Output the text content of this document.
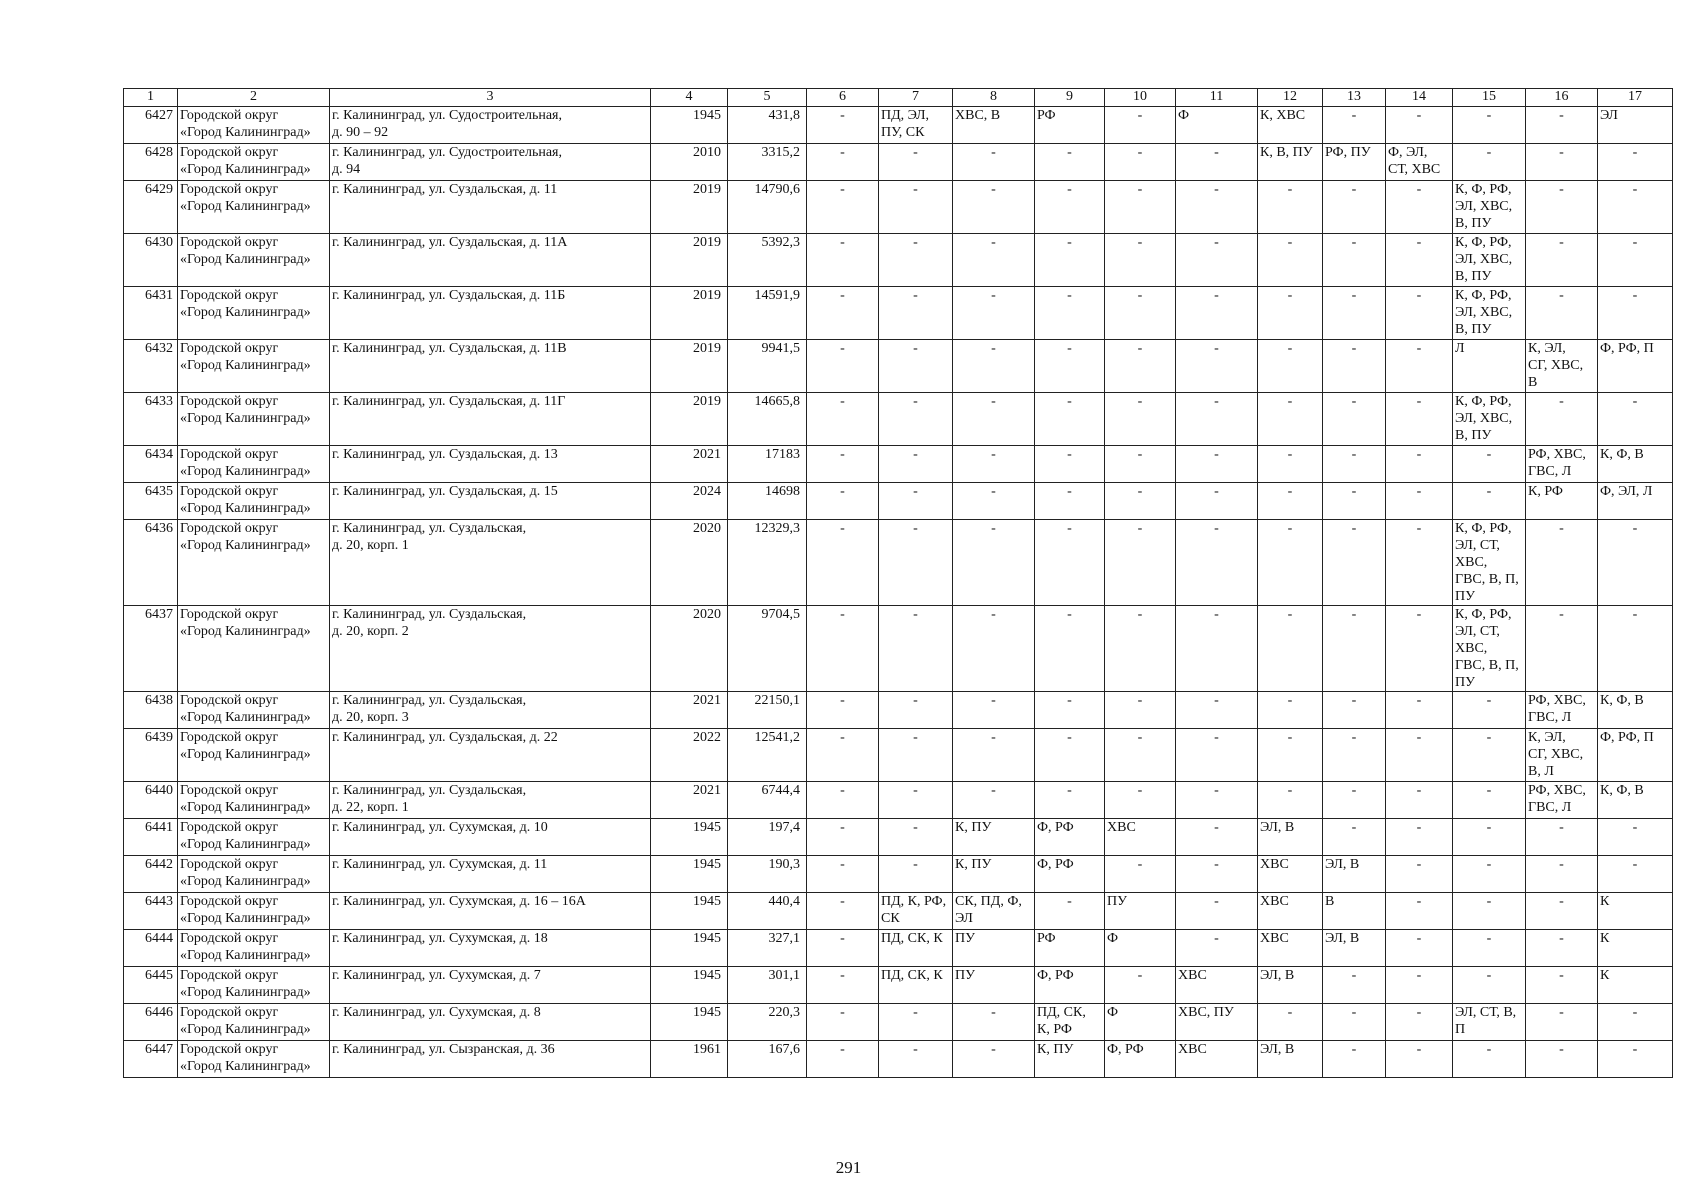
1	2	3	4	5	6	7	8	9	10	11	12	13	14	15	16	17
6427	Городской округ
«Город Калининград»	г. Калининград, ул. Судостроительная,
д. 90 – 92	1945	431,8	-	ПД, ЭЛ,
ПУ, СК	ХВС, В	РФ	-	Ф	К, ХВС	-	-	-	-	ЭЛ
6428	Городской округ
«Город Калининград»	г. Калининград, ул. Судостроительная,
д. 94	2010	3315,2	-	-	-	-	-	-	К, В, ПУ	РФ, ПУ	Ф, ЭЛ,
СТ, ХВС	-	-	-
6429	Городской округ
«Город Калининград»	г. Калининград, ул. Суздальская, д. 11	2019	14790,6	-	-	-	-	-	-	-	-	-	К, Ф, РФ,
ЭЛ, ХВС,
В, ПУ	-	-
6430	Городской округ
«Город Калининград»	г. Калининград, ул. Суздальская, д. 11А	2019	5392,3	-	-	-	-	-	-	-	-	-	К, Ф, РФ,
ЭЛ, ХВС,
В, ПУ	-	-
6431	Городской округ
«Город Калининград»	г. Калининград, ул. Суздальская, д. 11Б	2019	14591,9	-	-	-	-	-	-	-	-	-	К, Ф, РФ,
ЭЛ, ХВС,
В, ПУ	-	-
6432	Городской округ
«Город Калининград»	г. Калининград, ул. Суздальская, д. 11В	2019	9941,5	-	-	-	-	-	-	-	-	-	Л	К, ЭЛ,
СГ, ХВС,
В	Ф, РФ, П
6433	Городской округ
«Город Калининград»	г. Калининград, ул. Суздальская, д. 11Г	2019	14665,8	-	-	-	-	-	-	-	-	-	К, Ф, РФ,
ЭЛ, ХВС,
В, ПУ	-	-
6434	Городской округ
«Город Калининград»	г. Калининград, ул. Суздальская, д. 13	2021	17183	-	-	-	-	-	-	-	-	-	-	РФ, ХВС,
ГВС, Л	К, Ф, В
6435	Городской округ
«Город Калининград»	г. Калининград, ул. Суздальская, д. 15	2024	14698	-	-	-	-	-	-	-	-	-	-	К, РФ	Ф, ЭЛ, Л
6436	Городской округ
«Город Калининград»	г. Калининград, ул. Суздальская,
д. 20, корп. 1	2020	12329,3	-	-	-	-	-	-	-	-	-	К, Ф, РФ,
ЭЛ, СТ,
ХВС,
ГВС, В, П,
ПУ	-	-
6437	Городской округ
«Город Калининград»	г. Калининград, ул. Суздальская,
д. 20, корп. 2	2020	9704,5	-	-	-	-	-	-	-	-	-	К, Ф, РФ,
ЭЛ, СТ,
ХВС,
ГВС, В, П,
ПУ	-	-
6438	Городской округ
«Город Калининград»	г. Калининград, ул. Суздальская,
д. 20, корп. 3	2021	22150,1	-	-	-	-	-	-	-	-	-	-	РФ, ХВС,
ГВС, Л	К, Ф, В
6439	Городской округ
«Город Калининград»	г. Калининград, ул. Суздальская, д. 22	2022	12541,2	-	-	-	-	-	-	-	-	-	-	К, ЭЛ,
СГ, ХВС,
В, Л	Ф, РФ, П
6440	Городской округ
«Город Калининград»	г. Калининград, ул. Суздальская,
д. 22, корп. 1	2021	6744,4	-	-	-	-	-	-	-	-	-	-	РФ, ХВС,
ГВС, Л	К, Ф, В
6441	Городской округ
«Город Калининград»	г. Калининград, ул. Сухумская, д. 10	1945	197,4	-	-	К, ПУ	Ф, РФ	ХВС	-	ЭЛ, В	-	-	-	-	-
6442	Городской округ
«Город Калининград»	г. Калининград, ул. Сухумская, д. 11	1945	190,3	-	-	К, ПУ	Ф, РФ	-	-	ХВС	ЭЛ, В	-	-	-	-
6443	Городской округ
«Город Калининград»	г. Калининград, ул. Сухумская, д. 16 – 16А	1945	440,4	-	ПД, К, РФ,
СК	СК, ПД, Ф,
ЭЛ	-	ПУ	-	ХВС	В	-	-	-	К
6444	Городской округ
«Город Калининград»	г. Калининград, ул. Сухумская, д. 18	1945	327,1	-	ПД, СК, К	ПУ	РФ	Ф	-	ХВС	ЭЛ, В	-	-	-	К
6445	Городской округ
«Город Калининград»	г. Калининград, ул. Сухумская, д. 7	1945	301,1	-	ПД, СК, К	ПУ	Ф, РФ	-	ХВС	ЭЛ, В	-	-	-	-	К
6446	Городской округ
«Город Калининград»	г. Калининград, ул. Сухумская, д. 8	1945	220,3	-	-	-	ПД, СК,
К, РФ	Ф	ХВС, ПУ	-	-	-	ЭЛ, СТ, В,
П	-	-
6447	Городской округ
«Город Калининград»	г. Калининград, ул. Сызранская, д. 36	1961	167,6	-	-	-	К, ПУ	Ф, РФ	ХВС	ЭЛ, В	-	-	-	-	-
291
